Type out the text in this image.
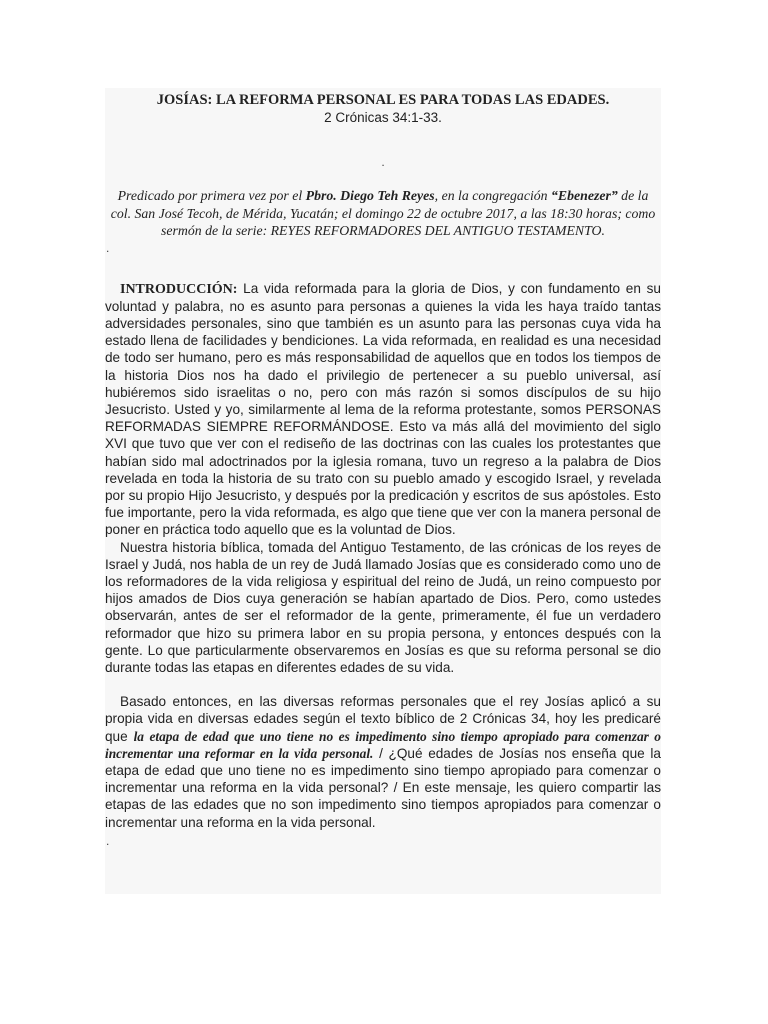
JOSÍAS: LA REFORMA PERSONAL ES PARA TODAS LAS EDADES.
2 Crónicas 34:1-33.
.
Predicado por primera vez por el Pbro. Diego Teh Reyes, en la congregación “Ebenezer” de la col. San José Tecoh, de Mérida, Yucatán; el domingo 22 de octubre 2017, a las 18:30 horas; como sermón de la serie: REYES REFORMADORES DEL ANTIGUO TESTAMENTO.
.

INTRODUCCIÓN: La vida reformada para la gloria de Dios, y con fundamento en su voluntad y palabra, no es asunto para personas a quienes la vida les haya traído tantas adversidades personales, sino que también es un asunto para las personas cuya vida ha estado llena de facilidades y bendiciones. La vida reformada, en realidad es una necesidad de todo ser humano, pero es más responsabilidad de aquellos que en todos los tiempos de la historia Dios nos ha dado el privilegio de pertenecer a su pueblo universal, así hubiéremos sido israelitas o no, pero con más razón si somos discípulos de su hijo Jesucristo. Usted y yo, similarmente al lema de la reforma protestante, somos PERSONAS REFORMADAS SIEMPRE REFORMÁNDOSE. Esto va más allá del movimiento del siglo XVI que tuvo que ver con el rediseño de las doctrinas con las cuales los protestantes que habían sido mal adoctrinados por la iglesia romana, tuvo un regreso a la palabra de Dios revelada en toda la historia de su trato con su pueblo amado y escogido Israel, y revelada por su propio Hijo Jesucristo, y después por la predicación y escritos de sus apóstoles. Esto fue importante, pero la vida reformada, es algo que tiene que ver con la manera personal de poner en práctica todo aquello que es la voluntad de Dios.

Nuestra historia bíblica, tomada del Antiguo Testamento, de las crónicas de los reyes de Israel y Judá, nos habla de un rey de Judá llamado Josías que es considerado como uno de los reformadores de la vida religiosa y espiritual del reino de Judá, un reino compuesto por hijos amados de Dios cuya generación se habían apartado de Dios. Pero, como ustedes observarán, antes de ser el reformador de la gente, primeramente, él fue un verdadero reformador que hizo su primera labor en su propia persona, y entonces después con la gente. Lo que particularmente observaremos en Josías es que su reforma personal se dio durante todas las etapas en diferentes edades de su vida.

Basado entonces, en las diversas reformas personales que el rey Josías aplicó a su propia vida en diversas edades según el texto bíblico de 2 Crónicas 34, hoy les predicaré que la etapa de edad que uno tiene no es impedimento sino tiempo apropiado para comenzar o incrementar una reformar en la vida personal. / ¿Qué edades de Josías nos enseña que la etapa de edad que uno tiene no es impedimento sino tiempo apropiado para comenzar o incrementar una reforma en la vida personal? / En este mensaje, les quiero compartir las etapas de las edades que no son impedimento sino tiempos apropiados para comenzar o incrementar una reforma en la vida personal.

.
